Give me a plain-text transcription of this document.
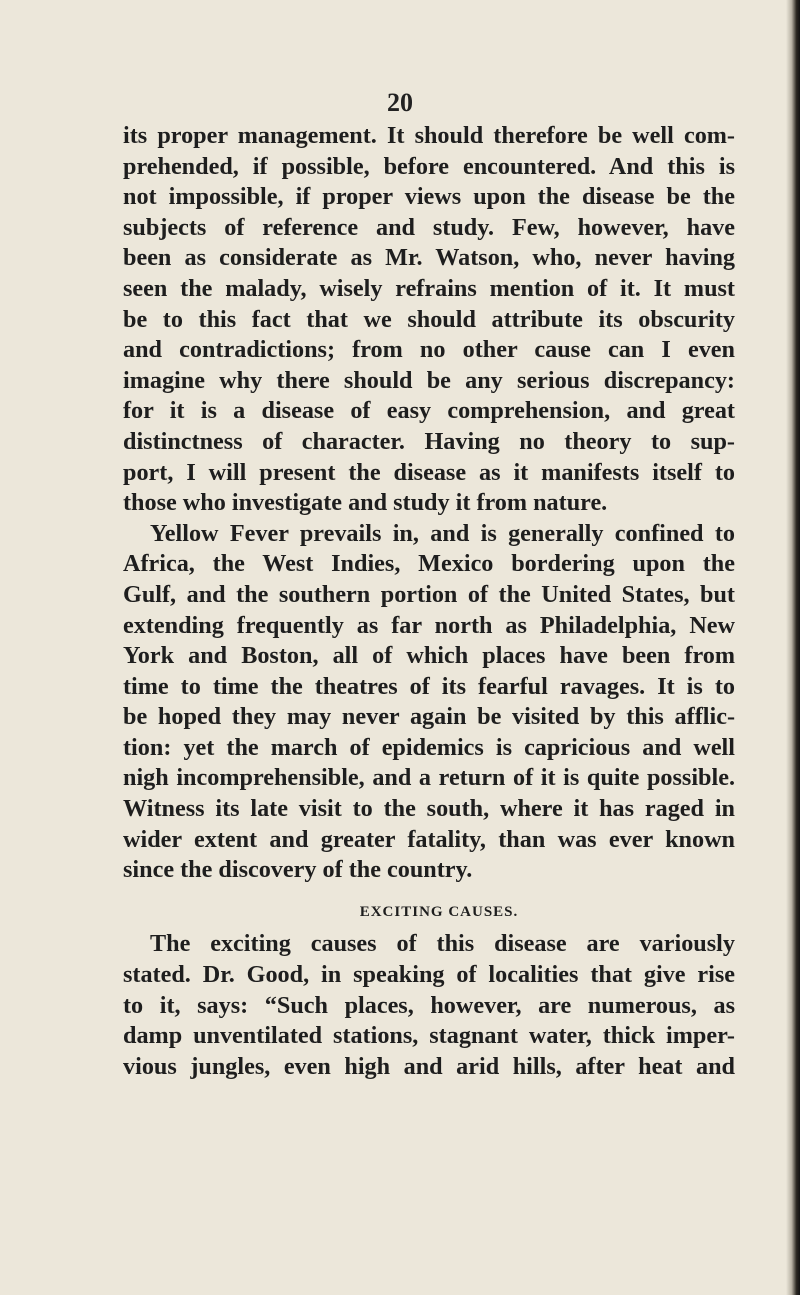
20
its proper management. It should therefore be well com-
prehended, if possible, before encountered. And this is
not impossible, if proper views upon the disease be the
subjects of reference and study. Few, however, have
been as considerate as Mr. Watson, who, never having
seen the malady, wisely refrains mention of it. It must
be to this fact that we should attribute its obscurity
and contradictions; from no other cause can I even
imagine why there should be any serious discrepancy:
for it is a disease of easy comprehension, and great
distinctness of character. Having no theory to sup-
port, I will present the disease as it manifests itself to
those who investigate and study it from nature.
Yellow Fever prevails in, and is generally confined to
Africa, the West Indies, Mexico bordering upon the
Gulf, and the southern portion of the United States, but
extending frequently as far north as Philadelphia, New
York and Boston, all of which places have been from
time to time the theatres of its fearful ravages. It is to
be hoped they may never again be visited by this afflic-
tion: yet the march of epidemics is capricious and well
nigh incomprehensible, and a return of it is quite possible.
Witness its late visit to the south, where it has raged in
wider extent and greater fatality, than was ever known
since the discovery of the country.
EXCITING CAUSES.
The exciting causes of this disease are variously
stated. Dr. Good, in speaking of localities that give rise
to it, says: “Such places, however, are numerous, as
damp unventilated stations, stagnant water, thick imper-
vious jungles, even high and arid hills, after heat and
